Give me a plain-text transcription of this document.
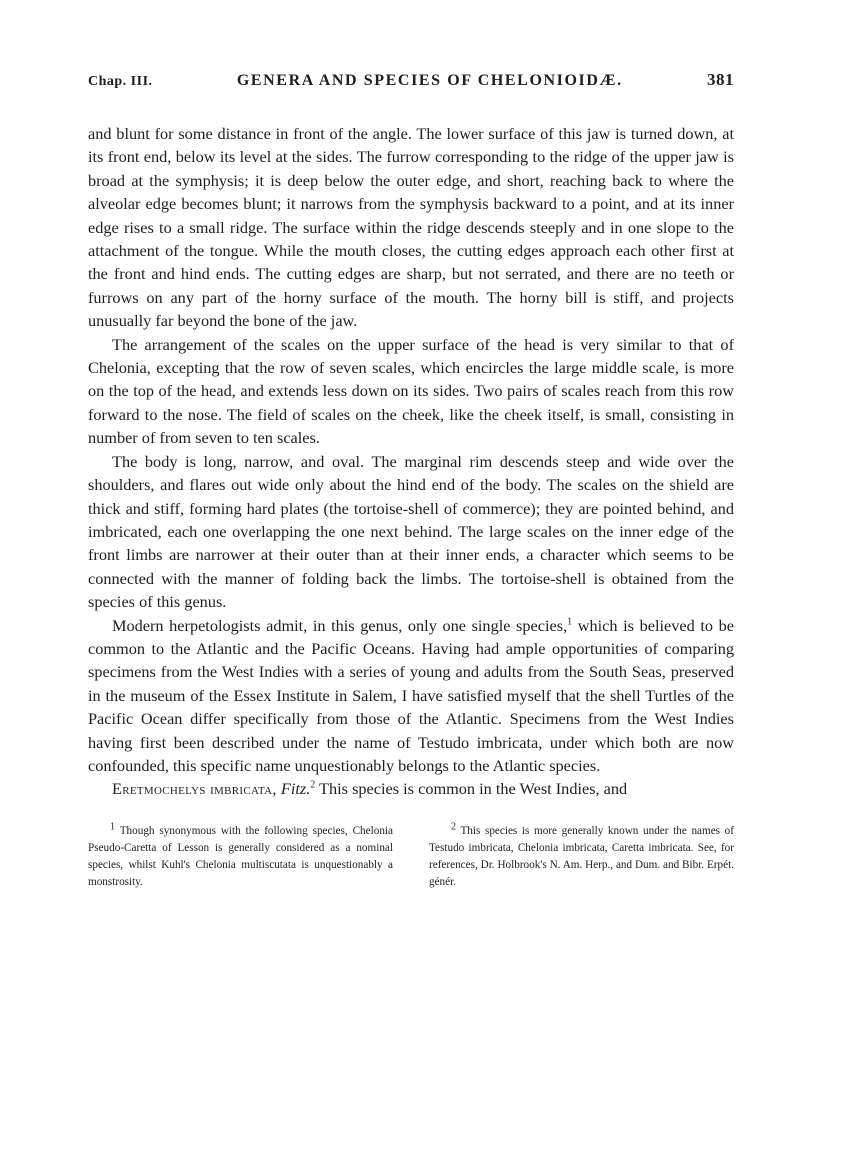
Chap. III.	GENERA AND SPECIES OF CHELONIOIDÆ.	381

and blunt for some distance in front of the angle. The lower surface of this jaw is turned down, at its front end, below its level at the sides. The furrow corresponding to the ridge of the upper jaw is broad at the symphysis; it is deep below the outer edge, and short, reaching back to where the alveolar edge becomes blunt; it narrows from the symphysis backward to a point, and at its inner edge rises to a small ridge. The surface within the ridge descends steeply and in one slope to the attachment of the tongue. While the mouth closes, the cutting edges approach each other first at the front and hind ends. The cutting edges are sharp, but not serrated, and there are no teeth or furrows on any part of the horny surface of the mouth. The horny bill is stiff, and projects unusually far beyond the bone of the jaw.

The arrangement of the scales on the upper surface of the head is very similar to that of Chelonia, excepting that the row of seven scales, which encircles the large middle scale, is more on the top of the head, and extends less down on its sides. Two pairs of scales reach from this row forward to the nose. The field of scales on the cheek, like the cheek itself, is small, consisting in number of from seven to ten scales.

The body is long, narrow, and oval. The marginal rim descends steep and wide over the shoulders, and flares out wide only about the hind end of the body. The scales on the shield are thick and stiff, forming hard plates (the tortoise-shell of commerce); they are pointed behind, and imbricated, each one overlapping the one next behind. The large scales on the inner edge of the front limbs are narrower at their outer than at their inner ends, a character which seems to be connected with the manner of folding back the limbs. The tortoise-shell is obtained from the species of this genus.

Modern herpetologists admit, in this genus, only one single species,$^1$ which is believed to be common to the Atlantic and the Pacific Oceans. Having had ample opportunities of comparing specimens from the West Indies with a series of young and adults from the South Seas, preserved in the museum of the Essex Institute in Salem, I have satisfied myself that the shell Turtles of the Pacific Ocean differ specifically from those of the Atlantic. Specimens from the West Indies having first been described under the name of Testudo imbricata, under which both are now confounded, this specific name unquestionably belongs to the Atlantic species.

Eretmochelys imbricata, Fitz.$^2$ This species is common in the West Indies, and

$^1$ Though synonymous with the following species, Chelonia Pseudo-Caretta of Lesson is generally considered as a nominal species, whilst Kuhl's Chelonia multiscutata is unquestionably a monstrosity.
$^2$ This species is more generally known under the names of Testudo imbricata, Chelonia imbricata, Caretta imbricata. See, for references, Dr. Holbrook's N. Am. Herp., and Dum. and Bibr. Erpét. génér.
